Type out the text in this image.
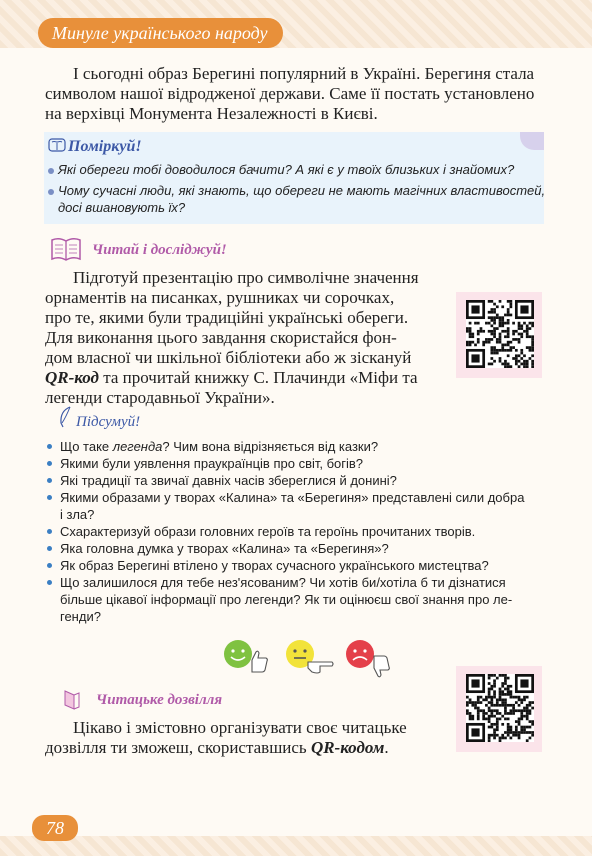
Минуле українського народу
І сьогодні образ Берегині популярний в Україні. Берегиня стала
символом нашої відродженої держави. Саме її постать установлено
на верхівці Монумента Незалежності в Києві.
Поміркуй!
Які обереги тобі доводилося бачити? А які є у твоїх близьких і знайомих?
Чому сучасні люди, які знають, що обереги не мають магічних властивостей,
досі вшановують їх?
Читай і досліджуй!
Підготуй презентацію про символічне значення
орнаментів на писанках, рушниках чи сорочках,
про те, якими були традиційні українські обереги.
Для виконання цього завдання скористайся фон-
дом власної чи шкільної бібліотеки або ж зіскануй
QR-код та прочитай книжку С. Плачинди «Міфи та
легенди стародавньої України».
Підсумуй!
Що таке легенда? Чим вона відрізняється від казки?
Якими були уявлення праукраїнців про світ, богів?
Які традиції та звичаї давніх часів збереглися й донині?
Якими образами у творах «Калина» та «Берегиня» представлені сили добра
і зла?
Схарактеризуй образи головних героїв та героїнь прочитаних творів.
Яка головна думка у творах «Калина» та «Берегиня»?
Як образ Берегині втілено у творах сучасного українського мистецтва?
Що залишилося для тебе нез'ясованим? Чи хотів би/хотіла б ти дізнатися
більше цікавої інформації про легенди? Як ти оцінюєш свої знання про ле-
генди?
Читацьке дозвілля
Цікаво і змістовно організувати своє читацьке
дозвілля ти зможеш, скориставшись QR-кодом.
78
